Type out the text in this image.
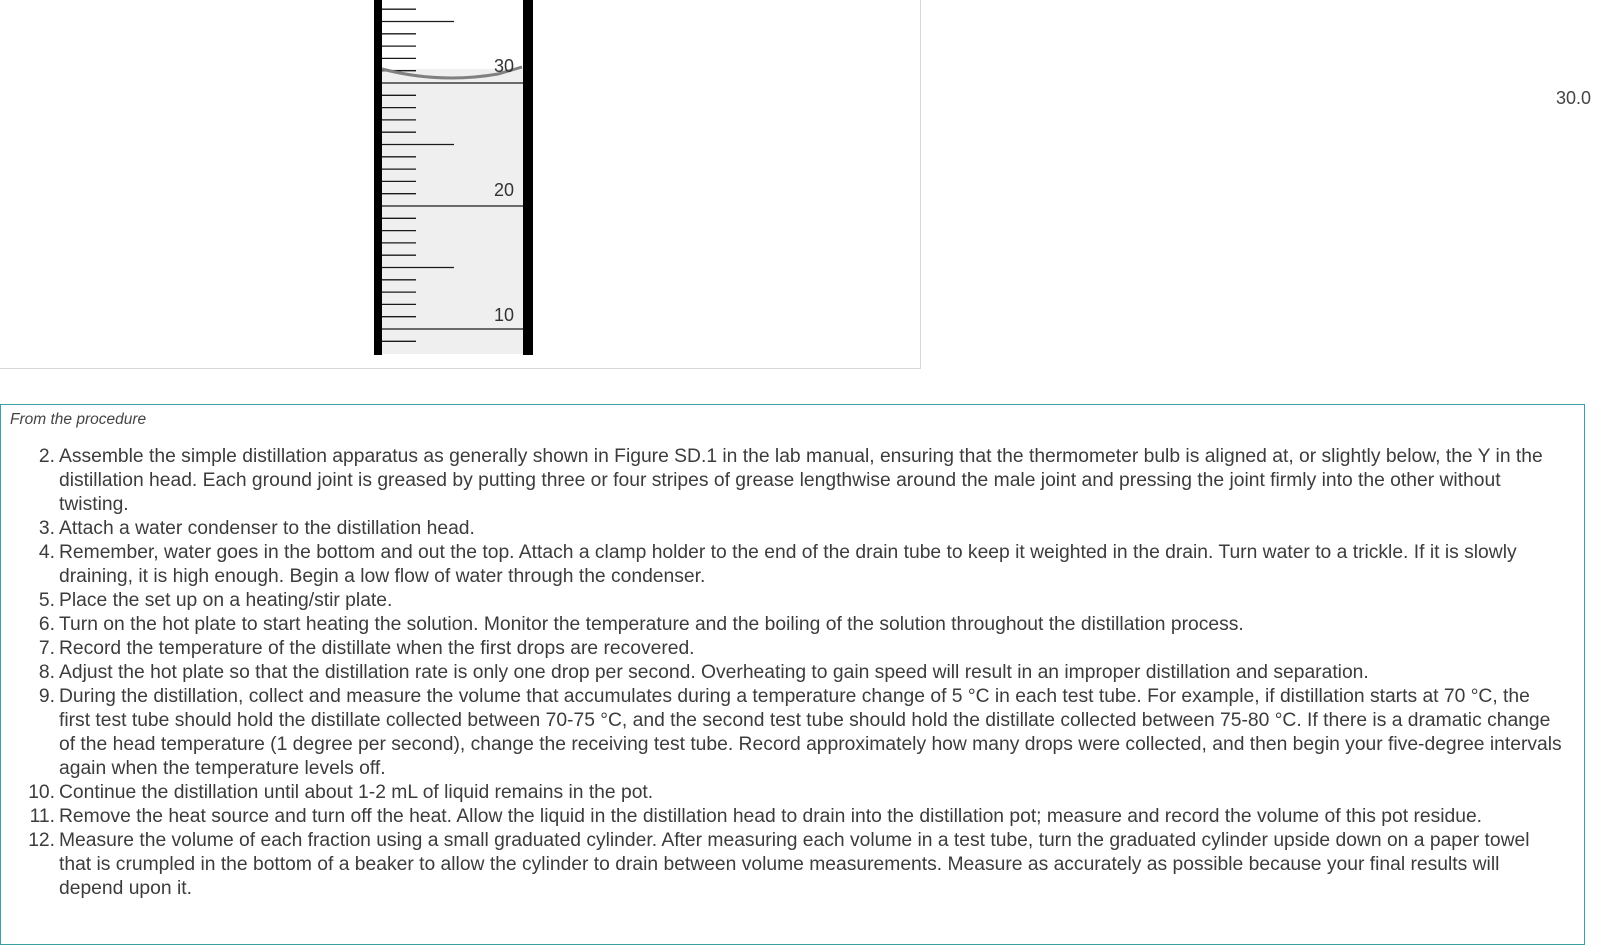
30
20
10
30.0
From the procedure
2. Assemble the simple distillation apparatus as generally shown in Figure SD.1 in the lab manual, ensuring that the thermometer bulb is aligned at, or slightly below, the Y in the distillation head. Each ground joint is greased by putting three or four stripes of grease lengthwise around the male joint and pressing the joint firmly into the other without twisting.
3. Attach a water condenser to the distillation head.
4. Remember, water goes in the bottom and out the top. Attach a clamp holder to the end of the drain tube to keep it weighted in the drain. Turn water to a trickle. If it is slowly draining, it is high enough. Begin a low flow of water through the condenser.
5. Place the set up on a heating/stir plate.
6. Turn on the hot plate to start heating the solution. Monitor the temperature and the boiling of the solution throughout the distillation process.
7. Record the temperature of the distillate when the first drops are recovered.
8. Adjust the hot plate so that the distillation rate is only one drop per second. Overheating to gain speed will result in an improper distillation and separation.
9. During the distillation, collect and measure the volume that accumulates during a temperature change of 5 °C in each test tube. For example, if distillation starts at 70 °C, the first test tube should hold the distillate collected between 70-75 °C, and the second test tube should hold the distillate collected between 75-80 °C. If there is a dramatic change of the head temperature (1 degree per second), change the receiving test tube. Record approximately how many drops were collected, and then begin your five-degree intervals again when the temperature levels off.
10. Continue the distillation until about 1-2 mL of liquid remains in the pot.
11. Remove the heat source and turn off the heat. Allow the liquid in the distillation head to drain into the distillation pot; measure and record the volume of this pot residue.
12. Measure the volume of each fraction using a small graduated cylinder. After measuring each volume in a test tube, turn the graduated cylinder upside down on a paper towel that is crumpled in the bottom of a beaker to allow the cylinder to drain between volume measurements. Measure as accurately as possible because your final results will depend upon it.
